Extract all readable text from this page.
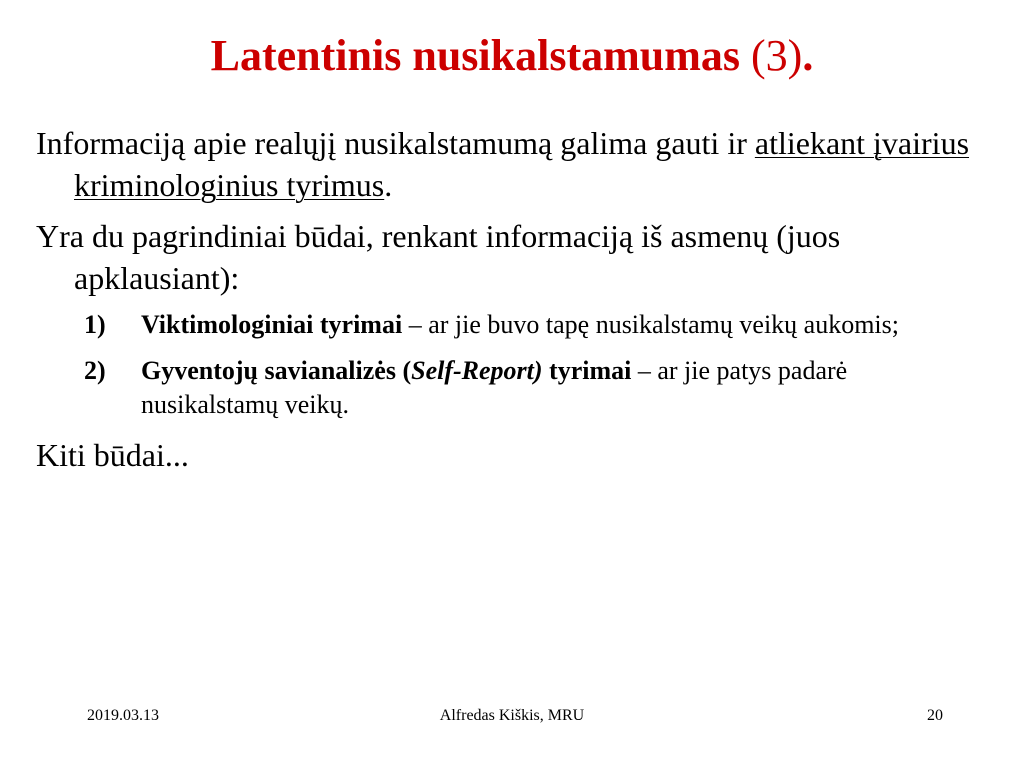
Latentinis nusikalstamumas (3).

Informaciją apie realųjį nusikalstamumą galima gauti ir atliekant įvairius kriminologinius tyrimus.

Yra du pagrindiniai būdai, renkant informaciją iš asmenų (juos apklausiant):

1) Viktimologiniai tyrimai – ar jie buvo tapę nusikalstamų veikų aukomis;
2) Gyventojų savianalizės (Self-Report) tyrimai – ar jie patys padarė nusikalstamų veikų.

Kiti būdai...

2019.03.13	Alfredas Kiškis, MRU	20
